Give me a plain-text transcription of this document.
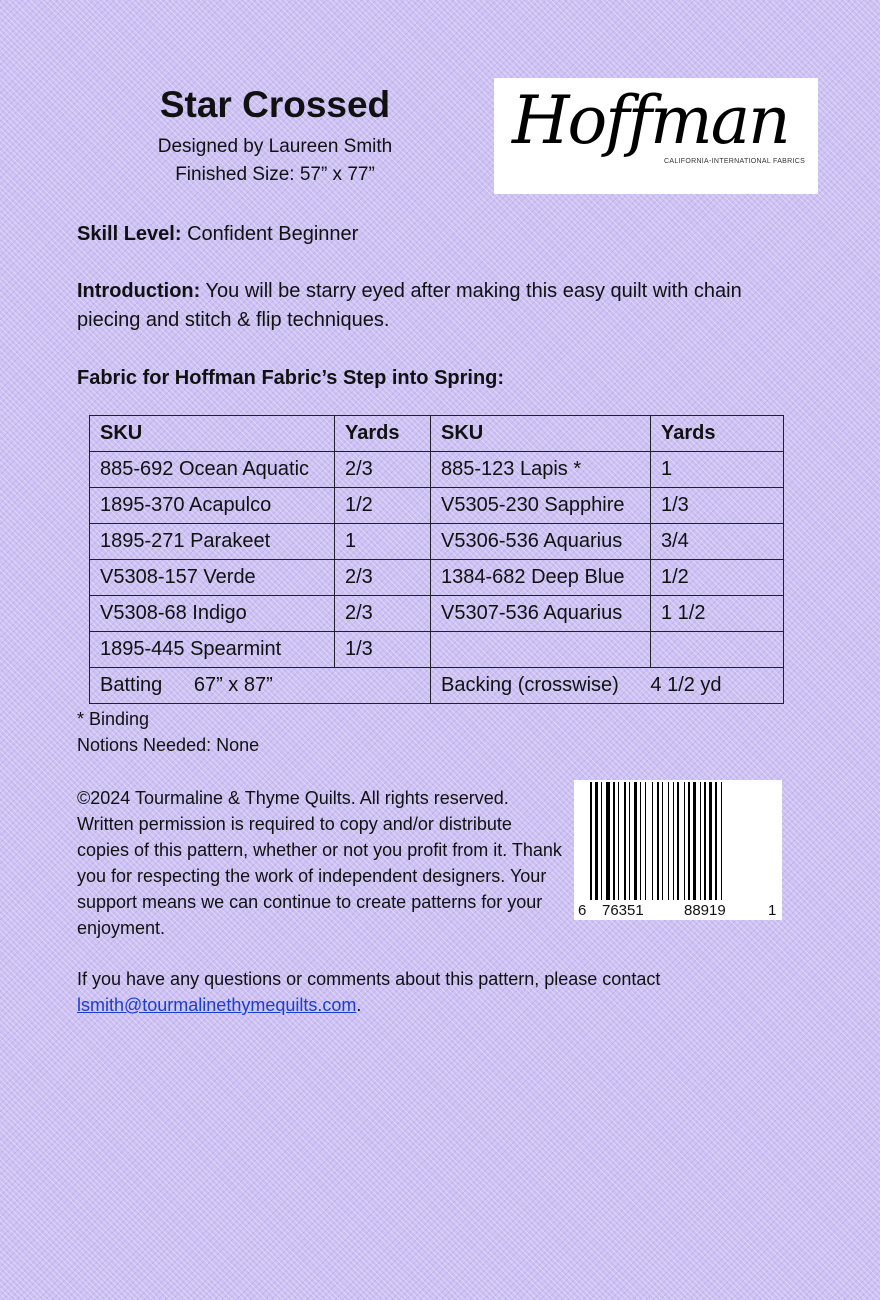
Star Crossed
Designed by Laureen Smith
Finished Size: 57” x 77”
Hoffman
CALIFORNIA-INTERNATIONAL FABRICS
Skill Level: Confident Beginner
Introduction: You will be starry eyed after making this easy quilt with chain piecing and stitch & flip techniques.
Fabric for Hoffman Fabric’s Step into Spring:
SKU	Yards	SKU	Yards
885-692 Ocean Aquatic	2/3	885-123 Lapis *	1
1895-370 Acapulco	1/2	V5305-230 Sapphire	1/3
1895-271 Parakeet	1	V5306-536 Aquarius	3/4
V5308-157 Verde	2/3	1384-682 Deep Blue	1/2
V5308-68 Indigo	2/3	V5307-536 Aquarius	1 1/2
1895-445 Spearmint	1/3		
Batting 67” x 87”		Backing (crosswise) 4 1/2 yd	
* Binding
Notions Needed: None
©2024 Tourmaline & Thyme Quilts. All rights reserved. Written permission is required to copy and/or distribute copies of this pattern, whether or not you profit from it. Thank you for respecting the work of independent designers. Your support means we can continue to create patterns for your enjoyment.
6 76351	88919	1
If you have any questions or comments about this pattern, please contact
lsmith@tourmalinethymequilts.com.
